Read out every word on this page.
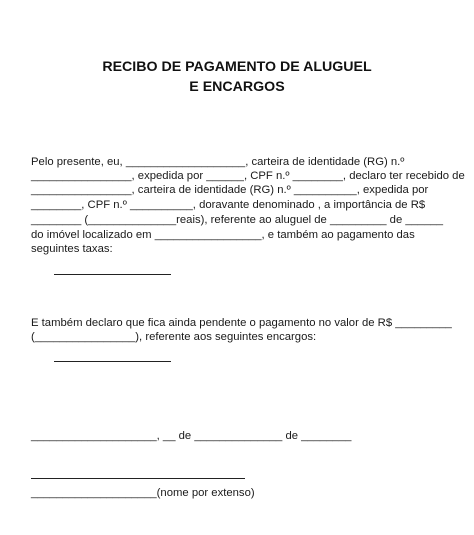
RECIBO DE PAGAMENTO DE ALUGUEL
E ENCARGOS
Pelo presente, eu, ___________________, carteira de identidade (RG) n.º
________________, expedida por ______, CPF n.º ________, declaro ter recebido de
________________, carteira de identidade (RG) n.º __________, expedida por
________, CPF n.º __________, doravante denominado , a importância de R$
________ (______________reais), referente ao aluguel de _________ de ______
do imóvel localizado em _________________, e também ao pagamento das
seguintes taxas:
E também declaro que fica ainda pendente o pagamento no valor de R$ _________
(________________), referente aos seguintes encargos:
____________________, __ de ______________ de ________
____________________(nome por extenso)
